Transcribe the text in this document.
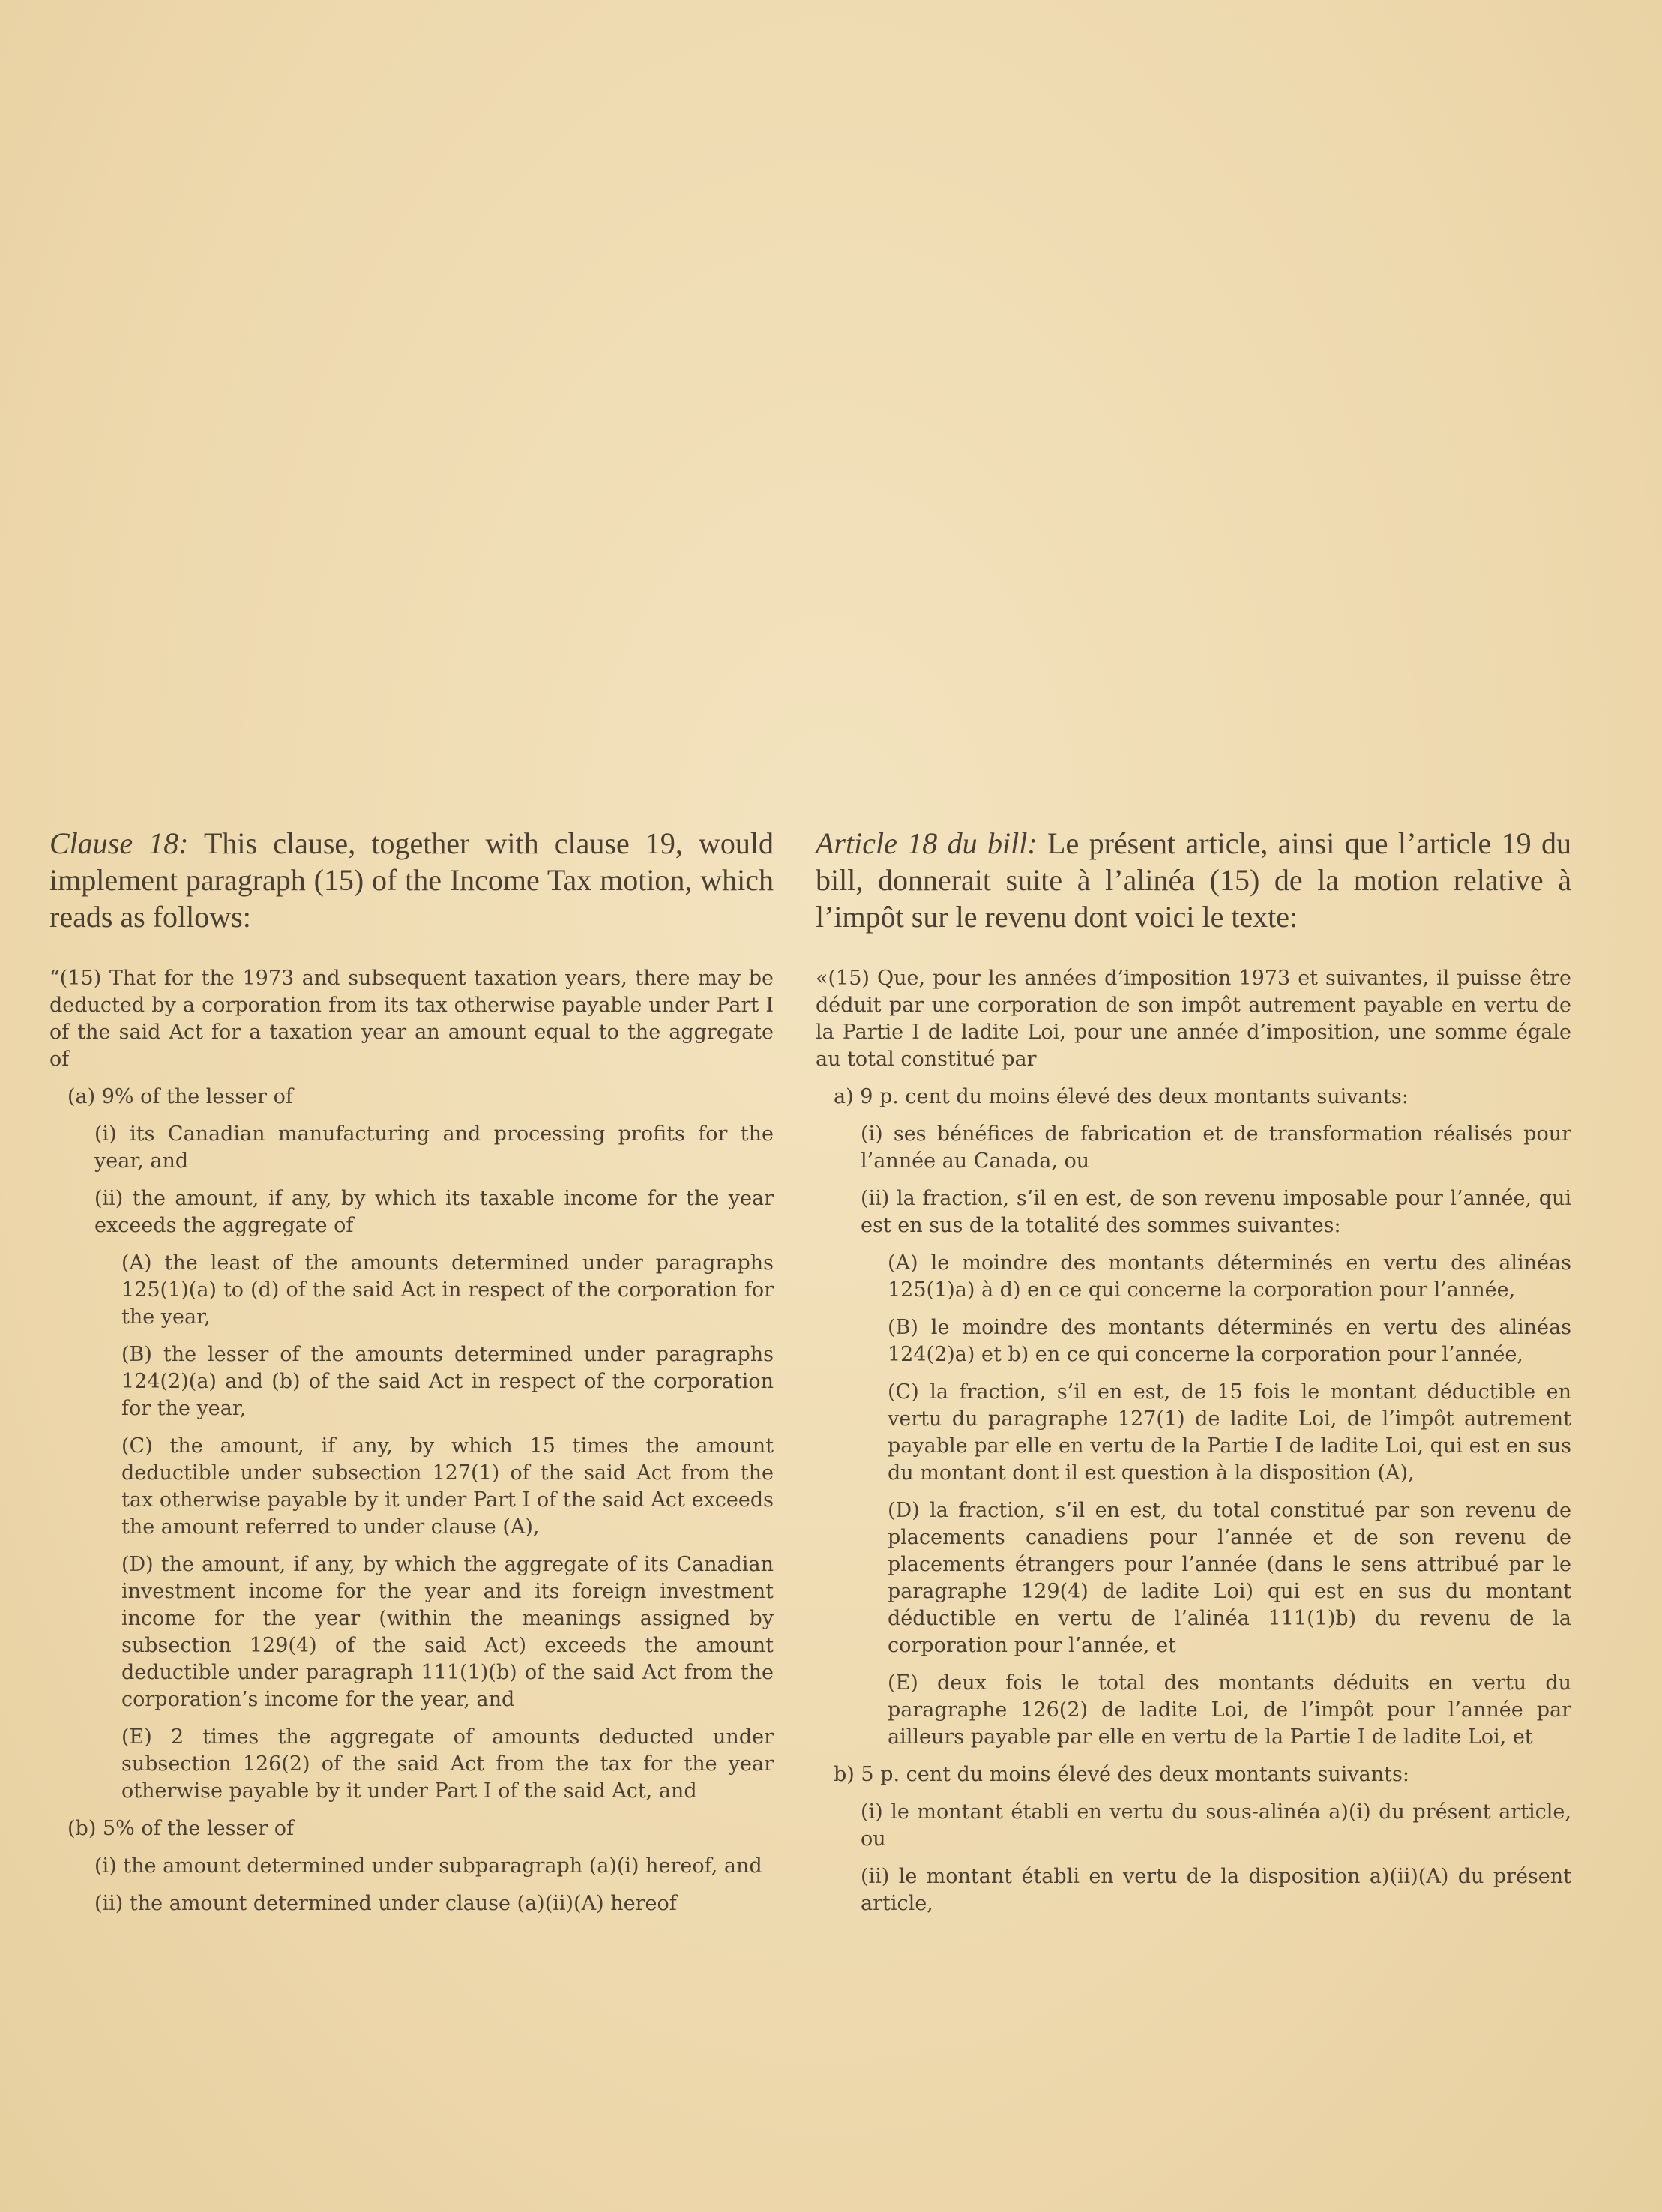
Clause 18: This clause, together with clause 19, would implement paragraph (15) of the Income Tax motion, which reads as follows:
“(15) That for the 1973 and subsequent taxation years, there may be deducted by a corporation from its tax otherwise payable under Part I of the said Act for a taxation year an amount equal to the aggregate of
(a) 9% of the lesser of
(i) its Canadian manufacturing and processing profits for the year, and
(ii) the amount, if any, by which its taxable income for the year exceeds the aggregate of
(A) the least of the amounts determined under paragraphs 125(1)(a) to (d) of the said Act in respect of the corporation for the year,
(B) the lesser of the amounts determined under paragraphs 124(2)(a) and (b) of the said Act in respect of the corporation for the year,
(C) the amount, if any, by which 15 times the amount deductible under subsection 127(1) of the said Act from the tax otherwise payable by it under Part I of the said Act exceeds the amount referred to under clause (A),
(D) the amount, if any, by which the aggregate of its Canadian investment income for the year and its foreign investment income for the year (within the meanings assigned by subsection 129(4) of the said Act) exceeds the amount deductible under paragraph 111(1)(b) of the said Act from the corporation’s income for the year, and
(E) 2 times the aggregate of amounts deducted under subsection 126(2) of the said Act from the tax for the year otherwise payable by it under Part I of the said Act, and
(b) 5% of the lesser of
(i) the amount determined under subparagraph (a)(i) hereof, and
(ii) the amount determined under clause (a)(ii)(A) hereof
Article 18 du bill: Le présent article, ainsi que l’article 19 du bill, donnerait suite à l’alinéa (15) de la motion relative à l’impôt sur le revenu dont voici le texte:
«(15) Que, pour les années d’imposition 1973 et suivantes, il puisse être déduit par une corporation de son impôt autrement payable en vertu de la Partie I de ladite Loi, pour une année d’imposition, une somme égale au total constitué par
a) 9 p. cent du moins élevé des deux montants suivants:
(i) ses bénéfices de fabrication et de transformation réalisés pour l’année au Canada, ou
(ii) la fraction, s’il en est, de son revenu imposable pour l’année, qui est en sus de la totalité des sommes suivantes:
(A) le moindre des montants déterminés en vertu des alinéas 125(1)a) à d) en ce qui concerne la corporation pour l’année,
(B) le moindre des montants déterminés en vertu des alinéas 124(2)a) et b) en ce qui concerne la corporation pour l’année,
(C) la fraction, s’il en est, de 15 fois le montant déductible en vertu du paragraphe 127(1) de ladite Loi, de l’impôt autrement payable par elle en vertu de la Partie I de ladite Loi, qui est en sus du montant dont il est question à la disposition (A),
(D) la fraction, s’il en est, du total constitué par son revenu de placements canadiens pour l’année et de son revenu de placements étrangers pour l’année (dans le sens attribué par le paragraphe 129(4) de ladite Loi) qui est en sus du montant déductible en vertu de l’alinéa 111(1)b) du revenu de la corporation pour l’année, et
(E) deux fois le total des montants déduits en vertu du paragraphe 126(2) de ladite Loi, de l’impôt pour l’année par ailleurs payable par elle en vertu de la Partie I de ladite Loi, et
b) 5 p. cent du moins élevé des deux montants suivants:
(i) le montant établi en vertu du sous-alinéa a)(i) du présent article, ou
(ii) le montant établi en vertu de la disposition a)(ii)(A) du présent article,
